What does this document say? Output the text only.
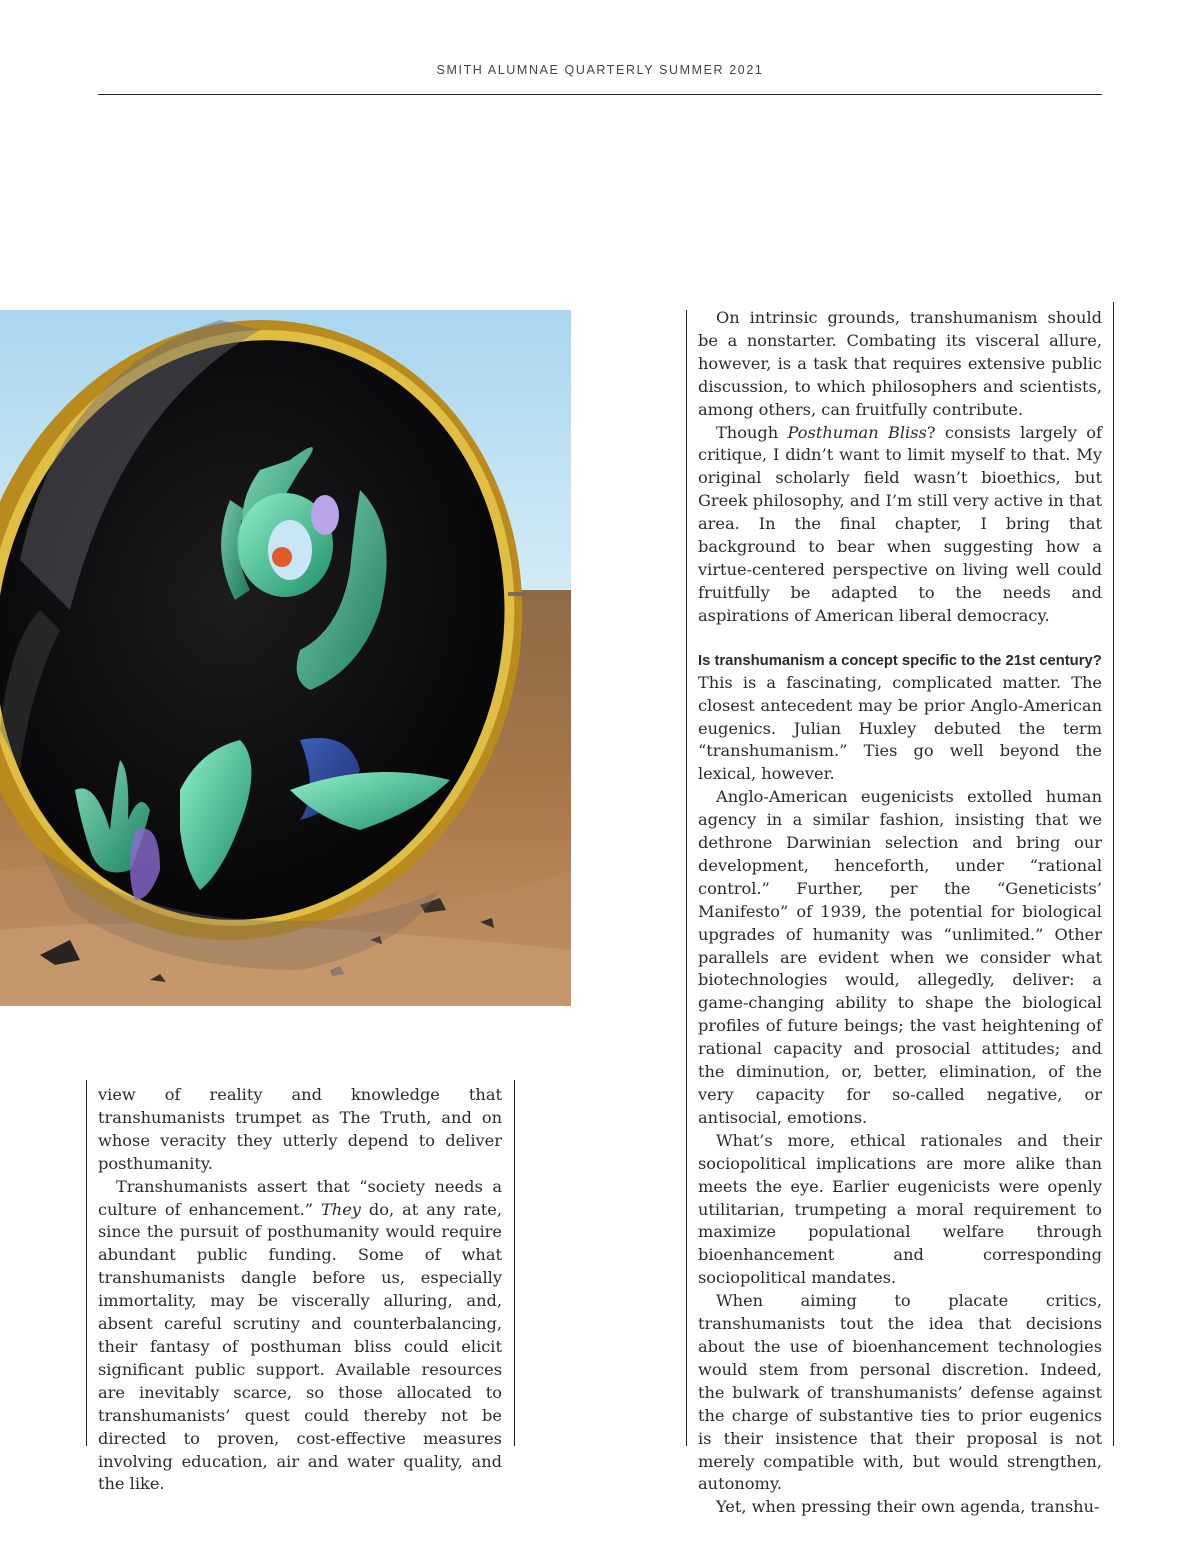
SMITH ALUMNAE QUARTERLY SUMMER 2021

view of reality and knowledge that transhumanists trumpet as The Truth, and on whose veracity they utterly depend to deliver posthumanity.

Transhumanists assert that “society needs a culture of enhancement.” They do, at any rate, since the pursuit of posthumanity would require abundant public funding. Some of what transhumanists dangle before us, especially immortality, may be viscerally alluring, and, absent careful scrutiny and counterbalancing, their fantasy of posthuman bliss could elicit significant public support. Available resources are inevitably scarce, so those allocated to transhumanists’ quest could thereby not be directed to proven, cost-effective measures involving education, air and water quality, and the like.

On intrinsic grounds, transhumanism should be a nonstarter. Combating its visceral allure, however, is a task that requires extensive public discussion, to which philosophers and scientists, among others, can fruitfully contribute.

Though Posthuman Bliss? consists largely of critique, I didn’t want to limit myself to that. My original scholarly field wasn’t bioethics, but Greek philosophy, and I’m still very active in that area. In the final chapter, I bring that background to bear when suggesting how a virtue-centered perspective on living well could fruitfully be adapted to the needs and aspirations of American liberal democracy.

Is transhumanism a concept specific to the 21st century?

This is a fascinating, complicated matter. The closest antecedent may be prior Anglo-American eugenics. Julian Huxley debuted the term “transhumanism.” Ties go well beyond the lexical, however.

Anglo-American eugenicists extolled human agency in a similar fashion, insisting that we dethrone Darwinian selection and bring our development, henceforth, under “rational control.” Further, per the “Geneticists’ Manifesto” of 1939, the potential for biological upgrades of humanity was “unlimited.” Other parallels are evident when we consider what biotechnologies would, allegedly, deliver: a game-changing ability to shape the biological profiles of future beings; the vast heightening of rational capacity and prosocial attitudes; and the diminution, or, better, elimination, of the very capacity for so-called negative, or antisocial, emotions.

What’s more, ethical rationales and their sociopolitical implications are more alike than meets the eye. Earlier eugenicists were openly utilitarian, trumpeting a moral requirement to maximize populational welfare through bioenhancement and corresponding sociopolitical mandates.

When aiming to placate critics, transhumanists tout the idea that decisions about the use of bioenhancement technologies would stem from personal discretion. Indeed, the bulwark of transhumanists’ defense against the charge of substantive ties to prior eugenics is their insistence that their proposal is not merely compatible with, but would strengthen, autonomy.

Yet, when pressing their own agenda, transhu-
